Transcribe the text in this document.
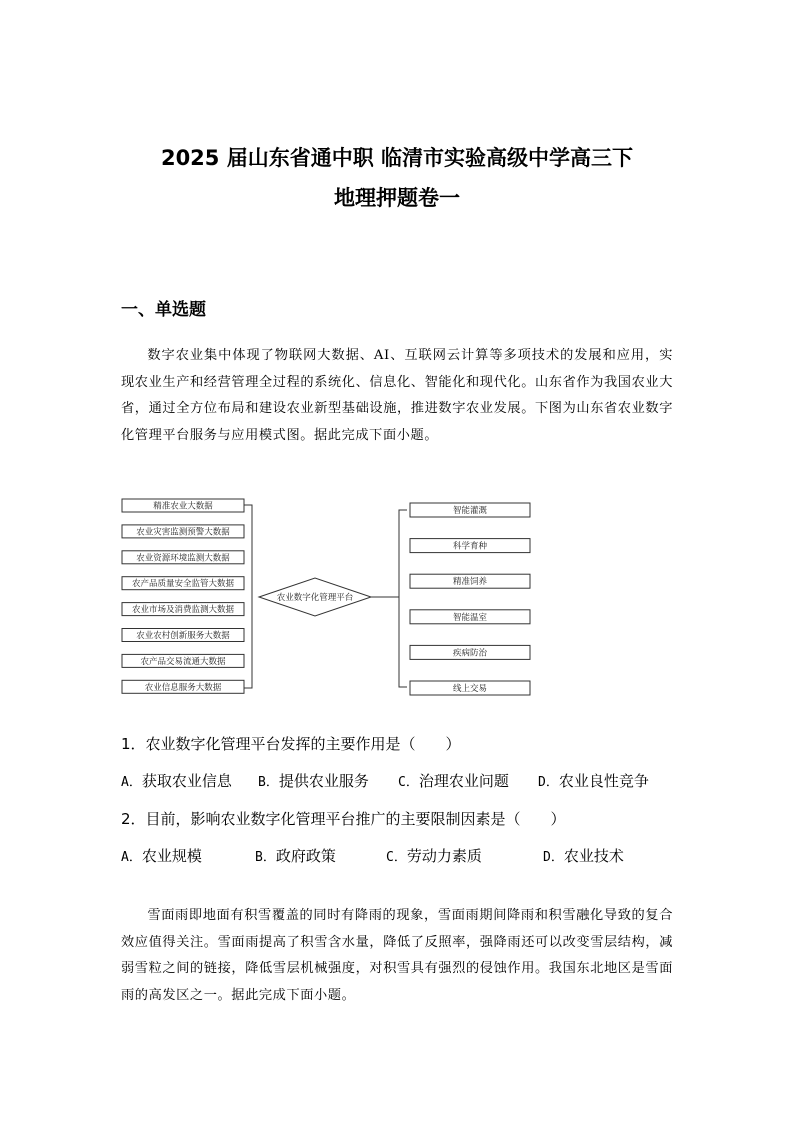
2025 届山东省通中职 临清市实验高级中学高三下
地理押题卷一
一、单选题
数字农业集中体现了物联网大数据、AI、互联网云计算等多项技术的发展和应用，实现农业生产和经营管理全过程的系统化、信息化、智能化和现代化。山东省作为我国农业大省，通过全方位布局和建设农业新型基础设施，推进数字农业发展。下图为山东省农业数字化管理平台服务与应用模式图。据此完成下面小题。
精准农业大数据
农业灾害监测预警大数据
农业资源环境监测大数据
农产品质量安全监管大数据
农业市场及消费监测大数据
农业农村创新服务大数据
农产品交易流通大数据
农业信息服务大数据
农业数字化管理平台
智能灌溉
科学育种
精准饲养
智能温室
疾病防治
线上交易
1．农业数字化管理平台发挥的主要作用是（　　）
A．获取农业信息 B．提供农业服务 C．治理农业问题 D．农业良性竞争
2．目前，影响农业数字化管理平台推广的主要限制因素是（　　）
A．农业规模	B．政府政策	C．劳动力素质	D．农业技术
雪面雨即地面有积雪覆盖的同时有降雨的现象，雪面雨期间降雨和积雪融化导致的复合效应值得关注。雪面雨提高了积雪含水量，降低了反照率，强降雨还可以改变雪层结构，减弱雪粒之间的链接，降低雪层机械强度，对积雪具有强烈的侵蚀作用。我国东北地区是雪面雨的高发区之一。据此完成下面小题。
